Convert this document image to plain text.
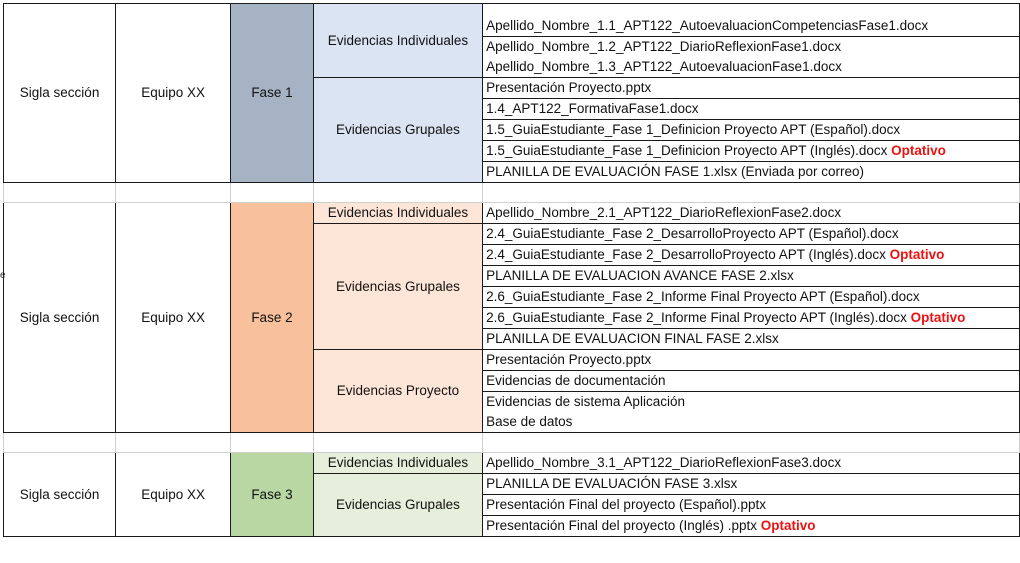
e
Sigla sección	Equipo XX	Fase 1	Evidencias Individuales	Apellido_Nombre_1.1_APT122_AutoevaluacionCompetenciasFase1.docx
				Apellido_Nombre_1.2_APT122_DiarioReflexionFase1.docx
				Apellido_Nombre_1.3_APT122_AutoevaluacionFase1.docx
			Evidencias Grupales	Presentación Proyecto.pptx
				1.4_APT122_FormativaFase1.docx
				1.5_GuiaEstudiante_Fase 1_Definicion Proyecto APT (Español).docx
				1.5_GuiaEstudiante_Fase 1_Definicion Proyecto APT (Inglés).docx Optativo
				PLANILLA DE EVALUACIÓN FASE 1.xlsx (Enviada por correo)

Sigla sección	Equipo XX	Fase 2	Evidencias Individuales	Apellido_Nombre_2.1_APT122_DiarioReflexionFase2.docx
			Evidencias Grupales	2.4_GuiaEstudiante_Fase 2_DesarrolloProyecto APT (Español).docx
				2.4_GuiaEstudiante_Fase 2_DesarrolloProyecto APT (Inglés).docx Optativo
				PLANILLA DE EVALUACION AVANCE FASE 2.xlsx
				2.6_GuiaEstudiante_Fase 2_Informe Final Proyecto APT (Español).docx
				2.6_GuiaEstudiante_Fase 2_Informe Final Proyecto APT (Inglés).docx Optativo
				PLANILLA DE EVALUACION FINAL FASE 2.xlsx
			Evidencias Proyecto	Presentación Proyecto.pptx
				Evidencias de documentación
				Evidencias de sistema Aplicación
				Base de datos

Sigla sección	Equipo XX	Fase 3	Evidencias Individuales	Apellido_Nombre_3.1_APT122_DiarioReflexionFase3.docx
			Evidencias Grupales	PLANILLA DE EVALUACIÓN FASE 3.xlsx
				Presentación Final del proyecto (Español).pptx
				Presentación Final del proyecto (Inglés) .pptx Optativo
